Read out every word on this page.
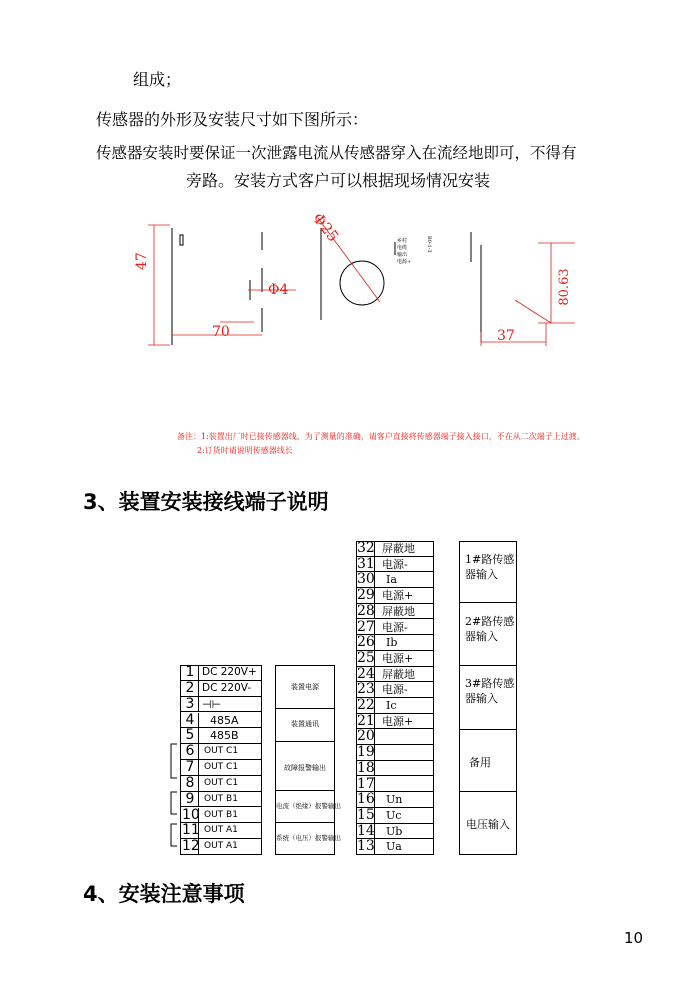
组成；
传感器的外形及安装尺寸如下图所示：
传感器安装时要保证一次泄露电流从传感器穿入在流经地即可，不得有
旁路。安装方式客户可以根据现场情况安装
47
70
Φ4
Φ25
80.63
37
乡村
电缆
输出
电源+
B0-1-3
备注：1:装置出厂时已接传感器线，为了测量的准确，请客户直接将传感器端子接入接口，不在从二次端子上过渡。
2:订货时请说明传感器线长
3、装置安装接线端子说明
1 DC 220V+
2 DC 220V-
3 ⊣⊢
4	485A
5	485B
6	OUT C1
7	OUT C1
8	OUT C1
9	OUT B1
10 OUT B1
11 OUT A1
12 OUT A1
装置电源
装置通讯
故障报警输出
电流（绝缘）报警输出
系统（电压）报警输出
32 屏蔽地
31 电源-
30 Ia
29 电源+
28 屏蔽地
27 电源-
26 Ib
25 电源+
24 屏蔽地
23 电源-
22 Ic
21 电源+
20
19
18
17
16 Un
15 Uc
14 Ub
13 Ua
1#路传感器输入
2#路传感器输入
3#路传感器输入
备用
电压输入
4、安装注意事项
10
